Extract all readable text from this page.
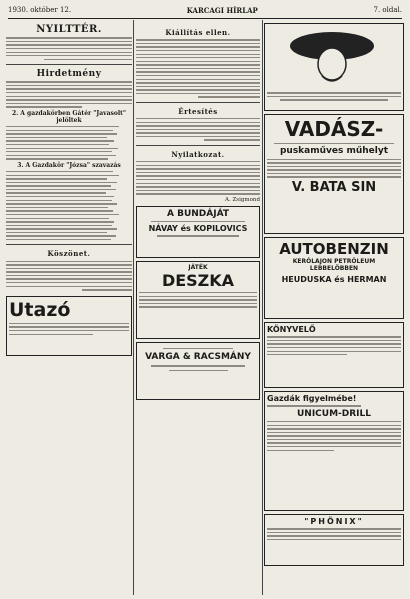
1930. október 12.	KARCAGI HÍRLAP	7. oldal.
NYILTTÉR.
Hirdetmény
2. A gazdakörben Gátér "Javasolt" jelöltek
3. A Gazdakör "Józsa" szavazás
Köszönet.
Utazó
Kiállítás ellen.
Értesítés
Nyilatkozat.
A. Zsigmond
A BUNDÁJÁT
NÁVAY és KOPILOVICS
JÁTÉK
DESZKA
VARGA & RACSMÁNY
VADÁSZ-
puskaműves műhelyt
V. BATA SIN
AUTOBENZIN
KERÓLAJON PETRÓLEUM
LEBBELÖBBEN
HEUDUSKA és HERMAN
KÖNYVELŐ
Gazdák figyelmébe!
UNICUM-DRILL
"PHÖNIX"
